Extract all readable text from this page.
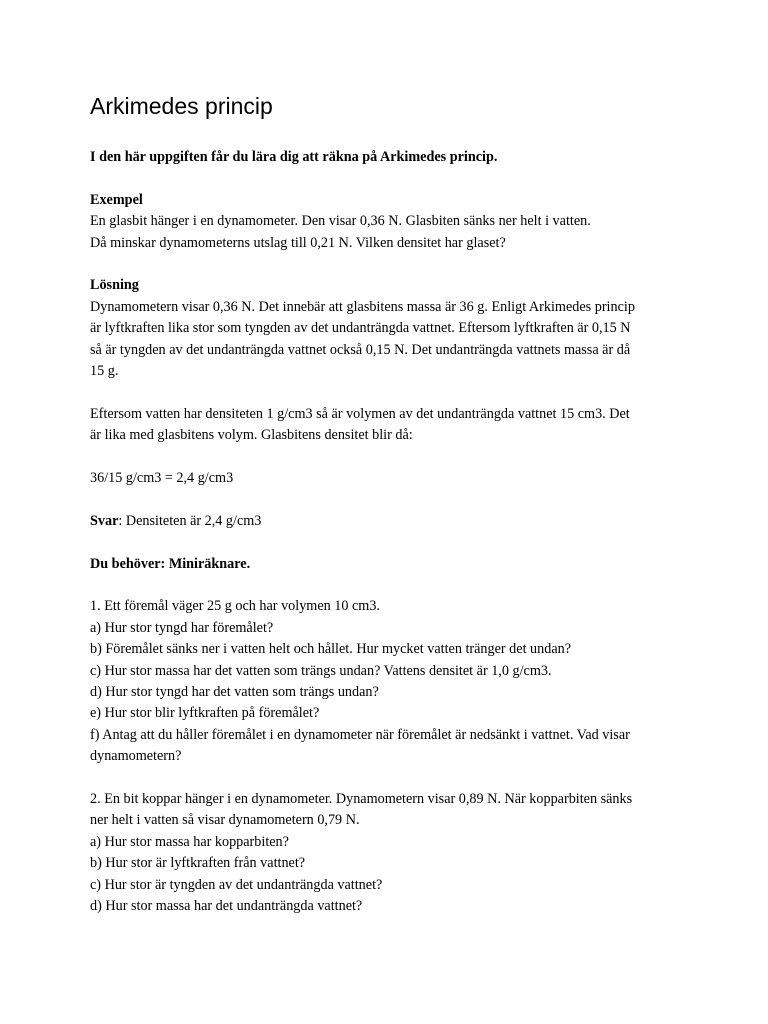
Arkimedes princip
I den här uppgiften får du lära dig att räkna på Arkimedes princip.
Exempel
En glasbit hänger i en dynamometer. Den visar 0,36 N. Glasbiten sänks ner helt i vatten.
Då minskar dynamometerns utslag till 0,21 N. Vilken densitet har glaset?
Lösning
Dynamometern visar 0,36 N. Det innebär att glasbitens massa är 36 g. Enligt Arkimedes princip
är lyftkraften lika stor som tyngden av det undanträngda vattnet. Eftersom lyftkraften är 0,15 N
så är tyngden av det undanträngda vattnet också 0,15 N. Det undanträngda vattnets massa är då
15 g.
Eftersom vatten har densiteten 1 g/cm3 så är volymen av det undanträngda vattnet 15 cm3. Det
är lika med glasbitens volym. Glasbitens densitet blir då:
36/15 g/cm3 = 2,4 g/cm3
Svar: Densiteten är 2,4 g/cm3
Du behöver: Miniräknare.
1. Ett föremål väger 25 g och har volymen 10 cm3.
a) Hur stor tyngd har föremålet?
b) Föremålet sänks ner i vatten helt och hållet. Hur mycket vatten tränger det undan?
c) Hur stor massa har det vatten som trängs undan? Vattens densitet är 1,0 g/cm3.
d) Hur stor tyngd har det vatten som trängs undan?
e) Hur stor blir lyftkraften på föremålet?
f) Antag att du håller föremålet i en dynamometer när föremålet är nedsänkt i vattnet. Vad visar
dynamometern?
2. En bit koppar hänger i en dynamometer. Dynamometern visar 0,89 N. När kopparbiten sänks
ner helt i vatten så visar dynamometern 0,79 N.
a) Hur stor massa har kopparbiten?
b) Hur stor är lyftkraften från vattnet?
c) Hur stor är tyngden av det undanträngda vattnet?
d) Hur stor massa har det undanträngda vattnet?
